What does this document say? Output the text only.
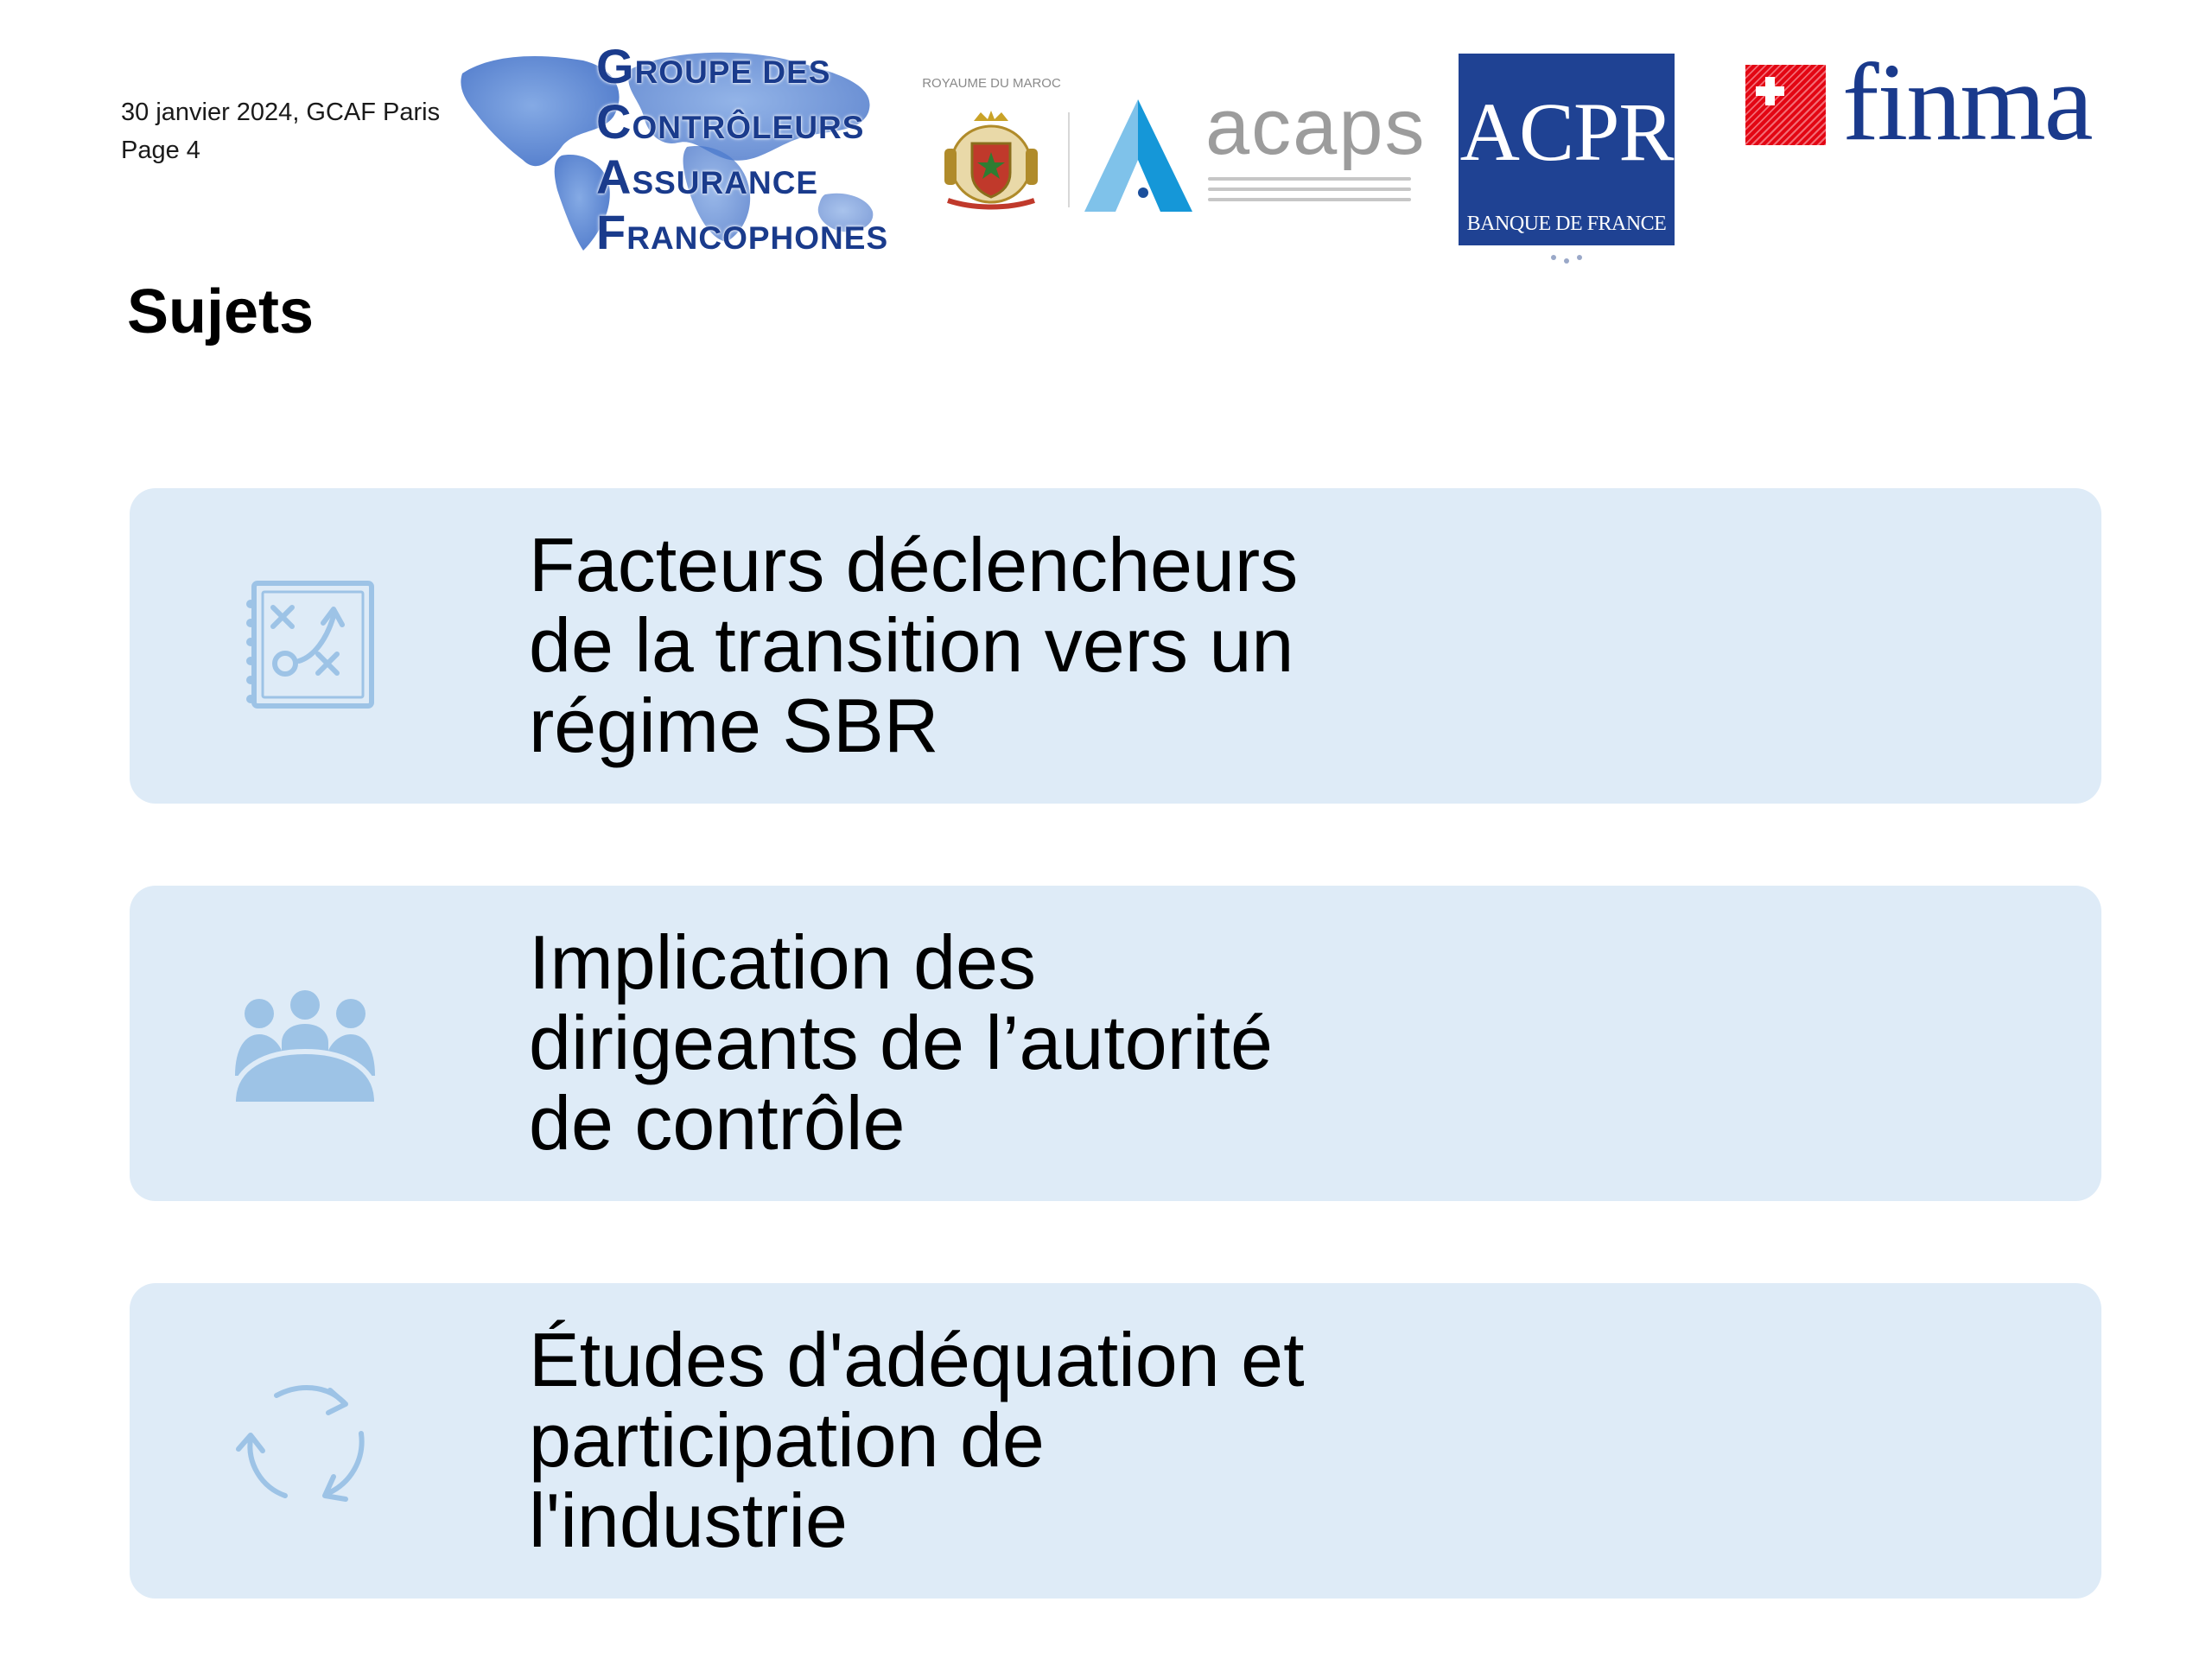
30 janvier 2024, GCAF Paris
Page 4
GROUPE DES
CONTRÔLEURS
ASSURANCE
FRANCOPHONES
ROYAUME DU MAROC acaps ACPR
BANQUE DE FRANCE
finma
Sujets
Facteurs déclencheurs
de la transition vers un
régime SBR
Implication des
dirigeants de l’autorité
de contrôle
Études d'adéquation et
participation de
l'industrie
